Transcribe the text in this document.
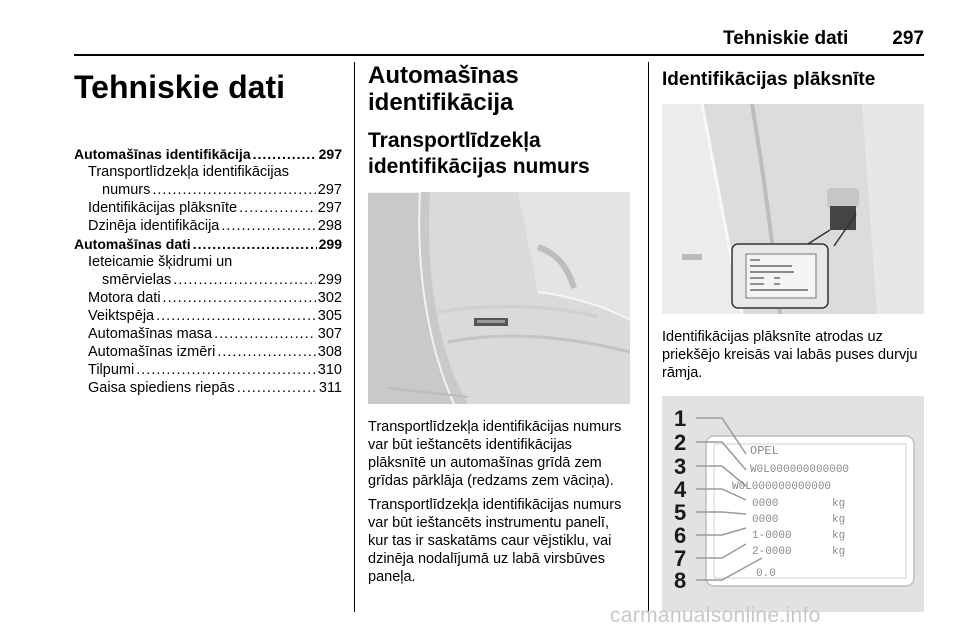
Tehniskie dati 297
Tehniskie dati
Automašīnas identifikācija .....	297
Transportlīdzekļa identifikācijas
numurs .....	297
Identifikācijas plāksnīte .....	297
Dzinēja identifikācija .....	298
Automašīnas dati .....	299
Ieteicamie šķidrumi un
smērvielas .....	299
Motora dati .....	302
Veiktspēja .....	305
Automašīnas masa .....	307
Automašīnas izmēri .....	308
Tilpumi .....	310
Gaisa spiediens riepās .....	311
Automašīnas identifikācija
Transportlīdzekļa identifikācijas numurs

Transportlīdzekļa identifikācijas numurs var būt ieštancēts identifikācijas plāksnītē un automašīnas grīdā zem grīdas pārklāja (redzams zem vāciņa).

Transportlīdzekļa identifikācijas numurs var būt ieštancēts instrumentu panelī, kur tas ir saskatāms caur vējstiklu, vai dzinēja nodalījumā uz labā virsbūves paneļa.

Identifikācijas plāksnīte

Identifikācijas plāksnīte atrodas uz priekšējo kreisās vai labās puses durvju rāmja.

1
2
3
4
5
6
7
8
OPEL
W0L000000000000
W0L000000000000
0000
0000
1-0000
2-0000
0.0
kg
kg
kg
kg
carmanualsonline.info
